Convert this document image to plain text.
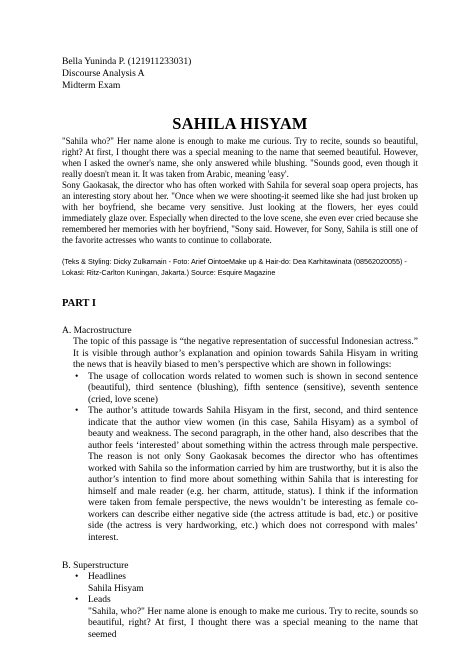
Bella Yuninda P. (121911233031)
Discourse Analysis A
Midterm Exam
SAHILA HISYAM

"Sahila who?" Her name alone is enough to make me curious. Try to recite, sounds so beautiful, right? At first, I thought there was a special meaning to the name that seemed beautiful. However, when I asked the owner's name, she only answered while blushing. "Sounds good, even though it really doesn't mean it. It was taken from Arabic, meaning 'easy'.

Sony Gaokasak, the director who has often worked with Sahila for several soap opera projects, has an interesting story about her. "Once when we were shooting-it seemed like she had just broken up with her boyfriend, she became very sensitive. Just looking at the flowers, her eyes could immediately glaze over. Especially when directed to the love scene, she even ever cried because she remembered her memories with her boyfriend, "Sony said. However, for Sony, Sahila is still one of the favorite actresses who wants to continue to collaborate.

(Teks & Styling: Dicky Zulkarnain - Foto: Arief OintoeMake up & Hair-do: Dea Karhitawinata (08562020055) - Lokasi: Ritz-Carlton Kuningan, Jakarta.) Source: Esquire Magazine
PART I
A. Macrostructure

The topic of this passage is “the negative representation of successful Indonesian actress.” It is visible through author’s explanation and opinion towards Sahila Hisyam in writing the news that is heavily biased to men’s perspective which are shown in followings:

• The usage of collocation words related to women such is shown in second sentence (beautiful), third sentence (blushing), fifth sentence (sensitive), seventh sentence (cried, love scene)
• The author’s attitude towards Sahila Hisyam in the first, second, and third sentence indicate that the author view women (in this case, Sahila Hisyam) as a symbol of beauty and weakness. The second paragraph, in the other hand, also describes that the author feels ‘interested’ about something within the actress through male perspective. The reason is not only Sony Gaokasak becomes the director who has oftentimes worked with Sahila so the information carried by him are trustworthy, but it is also the author’s intention to find more about something within Sahila that is interesting for himself and male reader (e.g. her charm, attitude, status). I think if the information were taken from female perspective, the news wouldn’t be interesting as female co-workers can describe either negative side (the actress attitude is bad, etc.) or positive side (the actress is very hardworking, etc.) which does not correspond with males’ interest.
B. Superstructure
• Headlines
Sahila Hisyam
• Leads
"Sahila, who?" Her name alone is enough to make me curious. Try to recite, sounds so beautiful, right? At first, I thought there was a special meaning to the name that seemed
